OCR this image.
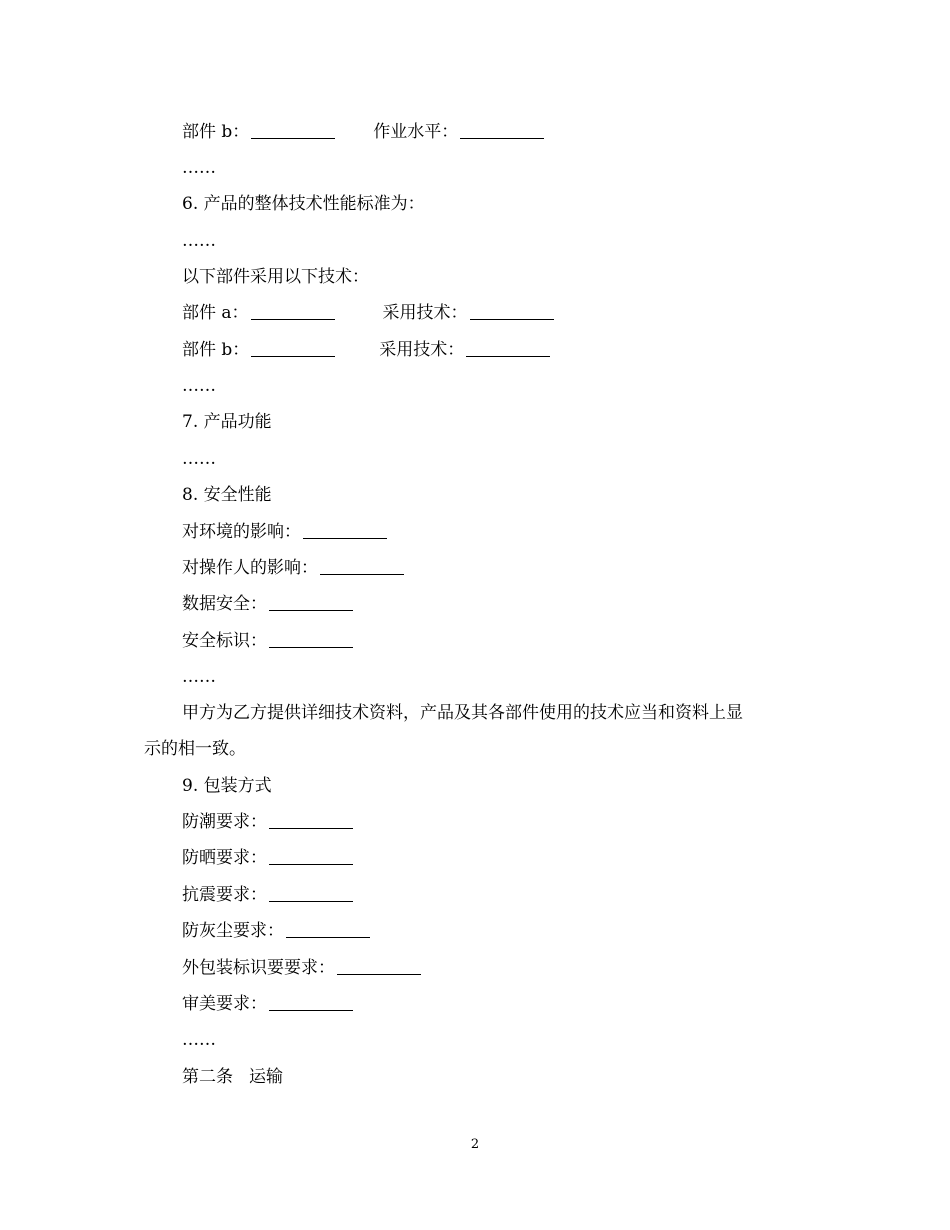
部件 b：	作业水平：
……
6. 产品的整体技术性能标准为：
……
以下部件采用以下技术：
部件 a：	采用技术：
部件 b：	采用技术：
……
7. 产品功能
……
8. 安全性能
对环境的影响：
对操作人的影响：
数据安全：
安全标识：
……
甲方为乙方提供详细技术资料，产品及其各部件使用的技术应当和资料上显
示的相一致。
9. 包装方式
防潮要求：
防晒要求：
抗震要求：
防灰尘要求：
外包装标识要要求：
审美要求：
……
第二条 运输
2
